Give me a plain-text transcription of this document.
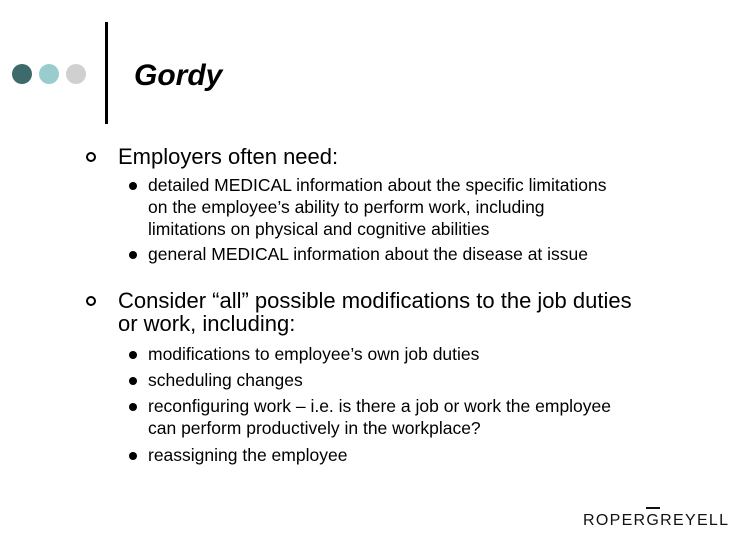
Gordy
Employers often need:
detailed MEDICAL information about the specific limitations
on the employee’s ability to perform work, including
limitations on physical and cognitive abilities
general MEDICAL information about the disease at issue
Consider “all” possible modifications to the job duties
or work, including:
modifications to employee’s own job duties
scheduling changes
reconfiguring work – i.e. is there a job or work the employee
can perform productively in the workplace?
reassigning the employee
ROPERGREYELL
